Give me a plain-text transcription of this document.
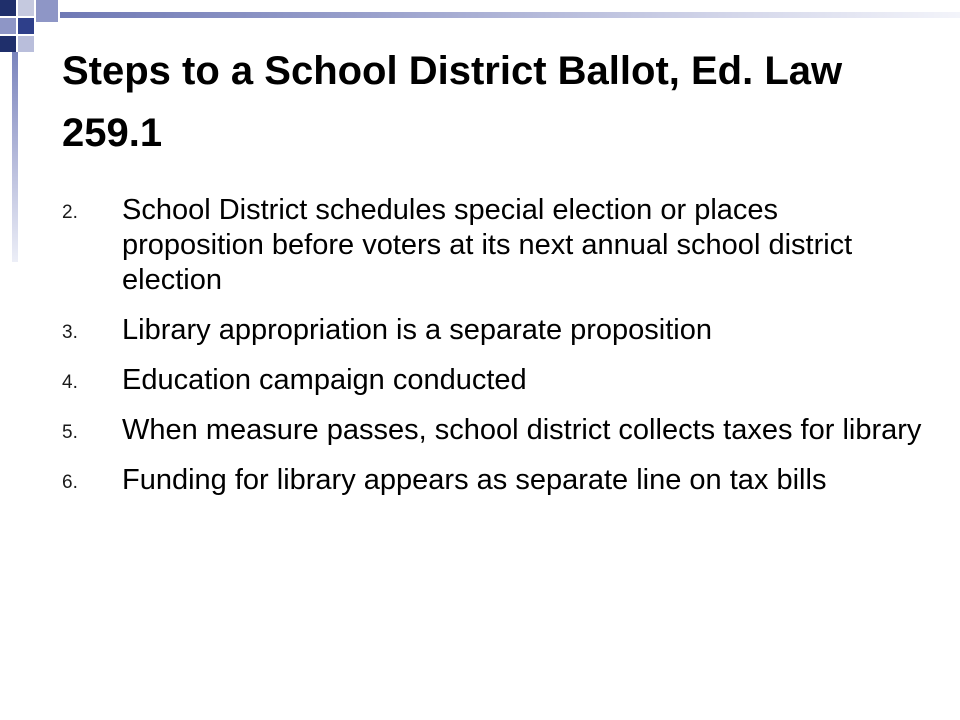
Steps to a School District Ballot, Ed. Law 259.1
2. School District schedules special election or places proposition before voters at its next annual school district election
3. Library appropriation is a separate proposition
4. Education campaign conducted
5. When measure passes, school district collects taxes for library
6. Funding for library appears as separate line on tax bills
